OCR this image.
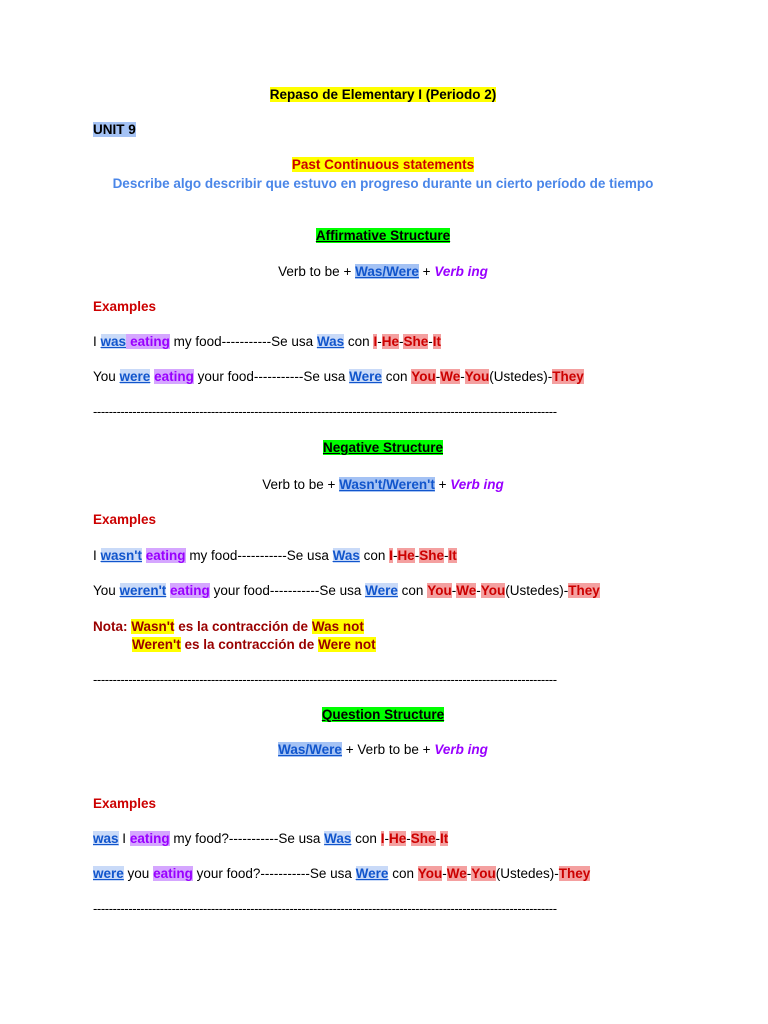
Repaso de Elementary I (Periodo 2)
UNIT 9
Past Continuous statements
Describe algo describir que estuvo en progreso durante un cierto período de tiempo
Affirmative Structure
Verb to be + Was/Were + Verb ing
Examples
I was eating my food-----------Se usa Was con I-He-She-It
You were eating your food-----------Se usa Were con You-We-You(Ustedes)-They
----------------------------------------------------------------------------------------------------------------------
Negative Structure
Verb to be + Wasn't/Weren't + Verb ing
Examples
I wasn't eating my food-----------Se usa Was con I-He-She-It
You weren't eating your food-----------Se usa Were con You-We-You(Ustedes)-They
Nota: Wasn't es la contracción de Was not
Weren't es la contracción de Were not
----------------------------------------------------------------------------------------------------------------------
Question Structure
Was/Were + Verb to be + Verb ing
Examples
was I eating my food?-----------Se usa Was con I-He-She-It
were you eating your food?-----------Se usa Were con You-We-You(Ustedes)-They
----------------------------------------------------------------------------------------------------------------------
